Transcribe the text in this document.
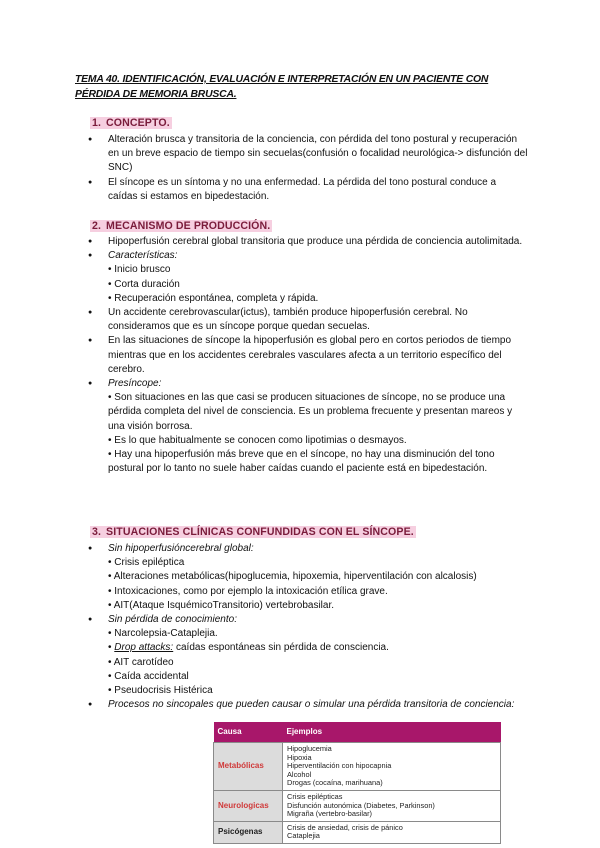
TEMA 40. IDENTIFICACIÓN, EVALUACIÓN E INTERPRETACIÓN EN UN PACIENTE CON PÉRDIDA DE MEMORIA BRUSCA.
1. CONCEPTO.

● Alteración brusca y transitoria de la conciencia, con pérdida del tono postural y recuperación en un breve espacio de tiempo sin secuelas(confusión o focalidad neurológica-> disfunción del SNC)

● El síncope es un síntoma y no una enfermedad. La pérdida del tono postural conduce a caídas si estamos en bipedestación.

2. MECANISMO DE PRODUCCIÓN.

● Hipoperfusión cerebral global transitoria que produce una pérdida de conciencia autolimitada.

● Características:

• Inicio brusco

• Corta duración

• Recuperación espontánea, completa y rápida.

● Un accidente cerebrovascular(ictus), también produce hipoperfusión cerebral. No consideramos que es un síncope porque quedan secuelas.

● En las situaciones de síncope la hipoperfusión es global pero en cortos periodos de tiempo mientras que en los accidentes cerebrales vasculares afecta a un territorio específico del cerebro.

● Presíncope:

• Son situaciones en las que casi se producen situaciones de síncope, no se produce una pérdida completa del nivel de consciencia. Es un problema frecuente y presentan mareos y una visión borrosa.

• Es lo que habitualmente se conocen como lipotimias o desmayos.

• Hay una hipoperfusión más breve que en el síncope, no hay una disminución del tono postural por lo tanto no suele haber caídas cuando el paciente está en bipedestación.

3. SITUACIONES CLÍNICAS CONFUNDIDAS CON EL SÍNCOPE.

● Sin hipoperfusióncerebral global:

• Crisis epiléptica

• Alteraciones metabólicas(hipoglucemia, hipoxemia, hiperventilación con alcalosis)

• Intoxicaciones, como por ejemplo la intoxicación etílica grave.

• AIT(Ataque IsquémicoTransitorio) vertebrobasilar.

● Sin pérdida de conocimiento:

• Narcolepsia-Cataplejia.

• Drop attacks: caídas espontáneas sin pérdida de consciencia.

• AIT carotídeo

• Caída accidental

• Pseudocrisis Histérica

● Procesos no sincopales que pueden causar o simular una pérdida transitoria de conciencia:

Causa	Ejemplos
Metabólicas	Hipoglucemia
Hipoxia
Hiperventilación con hipocapnia
Alcohol
Drogas (cocaína, marihuana)
Neurologicas	Crisis epilépticas
Disfunción autonómica (Diabetes, Parkinson)
Migraña (vertebro-basilar)
Psicógenas	Crisis de ansiedad, crisis de pánico
Cataplejia
